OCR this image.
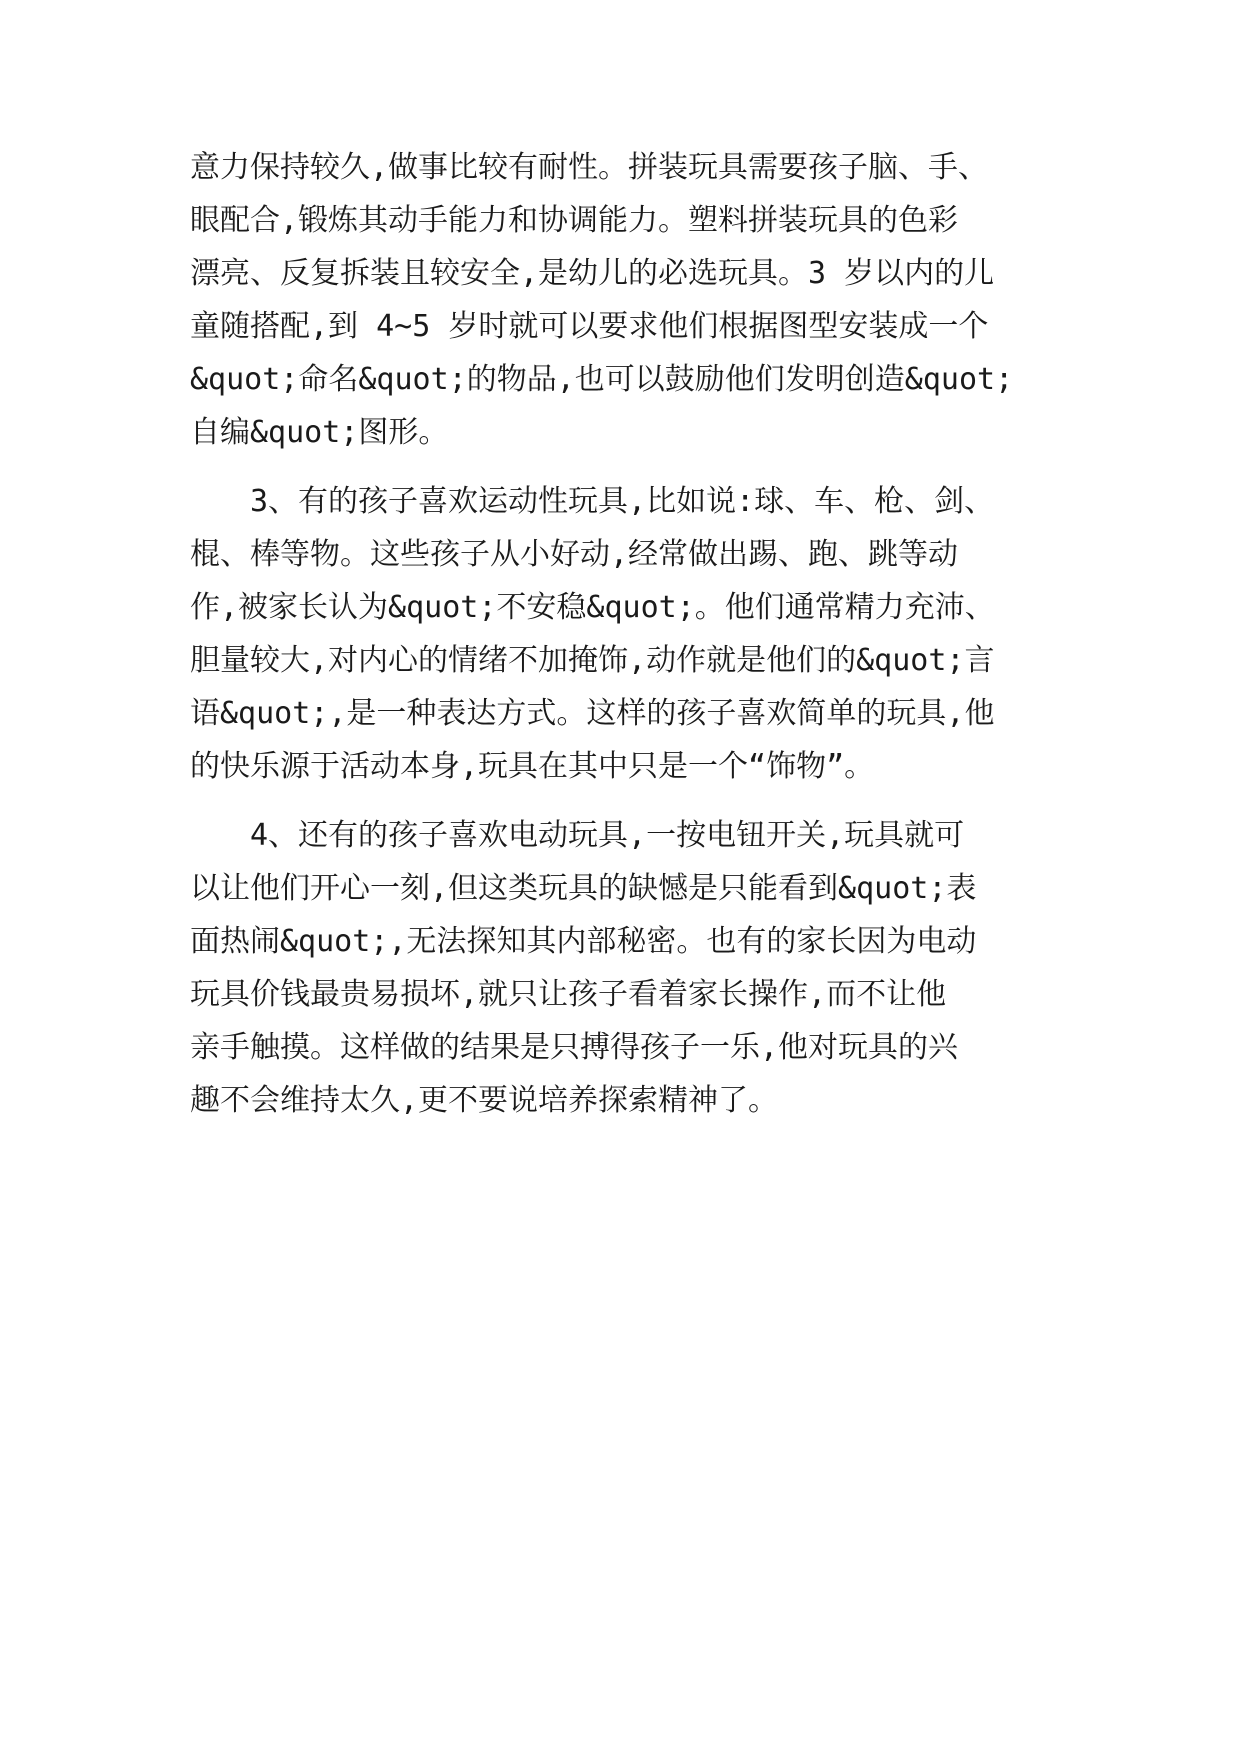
意力保持较久,做事比较有耐性。拼装玩具需要孩子脑、手、
眼配合,锻炼其动手能力和协调能力。塑料拼装玩具的色彩
漂亮、反复拆装且较安全,是幼儿的必选玩具。3 岁以内的儿
童随搭配,到 4~5 岁时就可以要求他们根据图型安装成一个
&quot;命名&quot;的物品,也可以鼓励他们发明创造&quot;
自编&quot;图形。
3、有的孩子喜欢运动性玩具,比如说:球、车、枪、剑、
棍、棒等物。这些孩子从小好动,经常做出踢、跑、跳等动
作,被家长认为&quot;不安稳&quot;。他们通常精力充沛、
胆量较大,对内心的情绪不加掩饰,动作就是他们的&quot;言
语&quot;,是一种表达方式。这样的孩子喜欢简单的玩具,他
的快乐源于活动本身,玩具在其中只是一个“饰物”。
4、还有的孩子喜欢电动玩具,一按电钮开关,玩具就可
以让他们开心一刻,但这类玩具的缺憾是只能看到&quot;表
面热闹&quot;,无法探知其内部秘密。也有的家长因为电动
玩具价钱最贵易损坏,就只让孩子看着家长操作,而不让他
亲手触摸。这样做的结果是只搏得孩子一乐,他对玩具的兴
趣不会维持太久,更不要说培养探索精神了。
